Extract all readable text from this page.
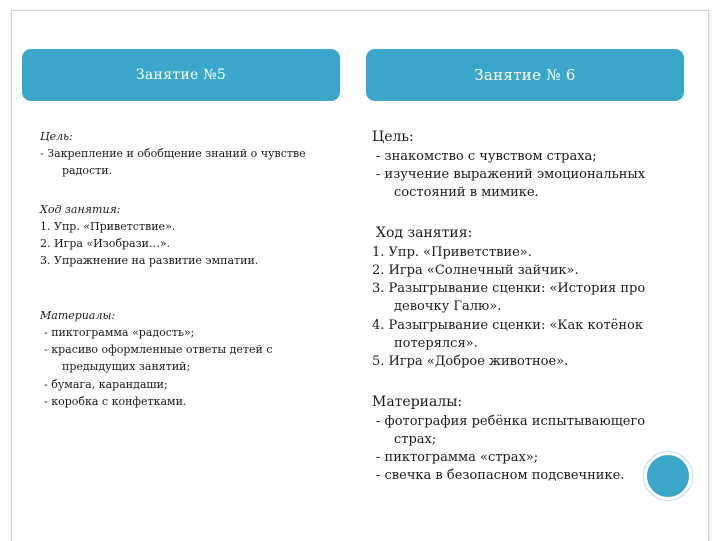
Занятие №5	Занятие № 6
Цель:
- Закрепление и обобщение знаний о чувстве радости.
Ход занятия:
1. Упр. «Приветствие».
2. Игра «Изобрази…».
3. Упражнение на развитие эмпатии.
Материалы:
- пиктограмма «радость»;
- красиво оформленные ответы детей с предыдущих занятий;
- бумага, карандаши;
- коробка с конфетками.
Цель:
- знакомство с чувством страха;
- изучение выражений эмоциональных состояний в мимике.
Ход занятия:
1. Упр. «Приветствие».
2. Игра «Солнечный зайчик».
3. Разыгрывание сценки: «История про девочку Галю».
4. Разыгрывание сценки: «Как котёнок потерялся».
5. Игра «Доброе животное».
Материалы:
- фотография ребёнка испытывающего страх;
- пиктограмма «страх»;
- свечка в безопасном подсвечнике.
